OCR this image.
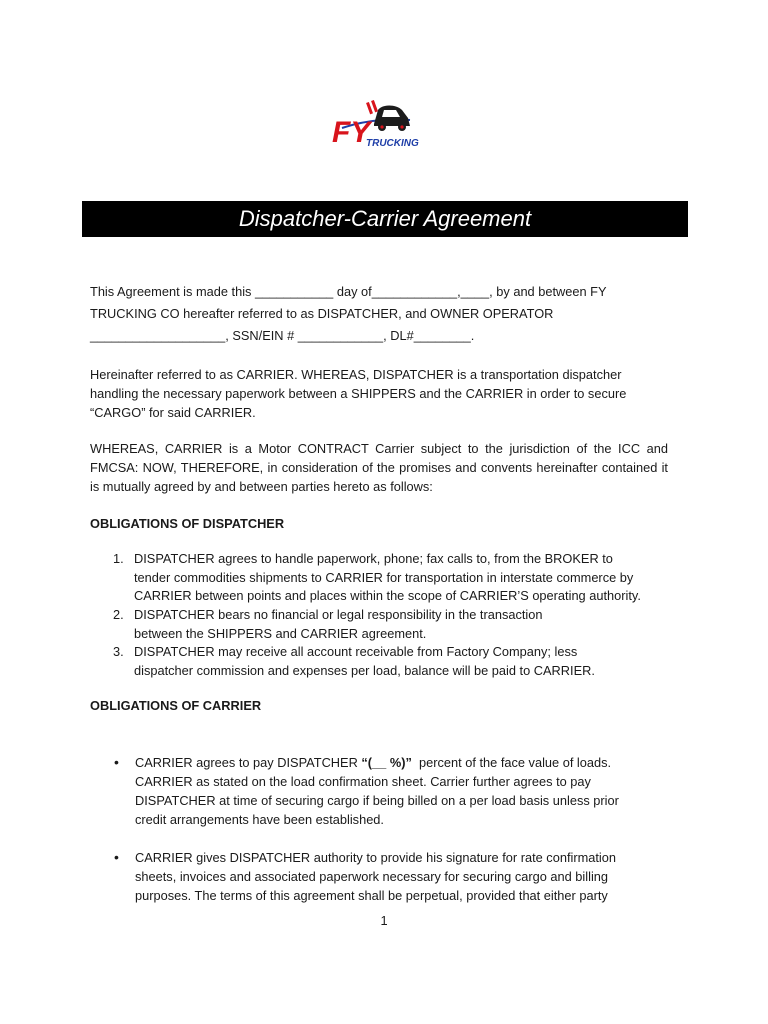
FY
TRUCKING
Dispatcher-Carrier Agreement
This Agreement is made this ___________ day of____________,____, by and between FY
TRUCKING CO hereafter referred to as DISPATCHER, and OWNER OPERATOR
___________________, SSN/EIN # ____________, DL#________.
Hereinafter referred to as CARRIER. WHEREAS, DISPATCHER is a transportation dispatcher
handling the necessary paperwork between a SHIPPERS and the CARRIER in order to secure
“CARGO” for said CARRIER.
WHEREAS, CARRIER is a Motor CONTRACT Carrier subject to the jurisdiction of the ICC and FMCSA: NOW, THEREFORE, in consideration of the promises and convents hereinafter contained it is mutually agreed by and between parties hereto as follows:
OBLIGATIONS OF DISPATCHER
1. DISPATCHER agrees to handle paperwork, phone; fax calls to, from the BROKER to
tender commodities shipments to CARRIER for transportation in interstate commerce by
CARRIER between points and places within the scope of CARRIER’S operating authority.
2. DISPATCHER bears no financial or legal responsibility in the transaction
between the SHIPPERS and CARRIER agreement.
3. DISPATCHER may receive all account receivable from Factory Company; less
dispatcher commission and expenses per load, balance will be paid to CARRIER.
OBLIGATIONS OF CARRIER
•	CARRIER agrees to pay DISPATCHER “(__ %)”  percent of the face value of loads.
CARRIER as stated on the load confirmation sheet. Carrier further agrees to pay
DISPATCHER at time of securing cargo if being billed on a per load basis unless prior
credit arrangements have been established.
•	CARRIER gives DISPATCHER authority to provide his signature for rate confirmation
sheets, invoices and associated paperwork necessary for securing cargo and billing
purposes. The terms of this agreement shall be perpetual, provided that either party
1
